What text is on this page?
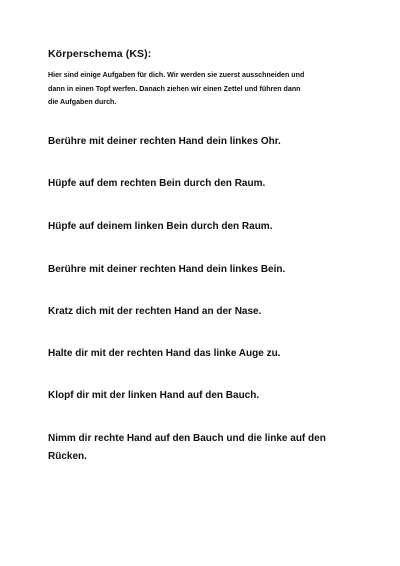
Körperschema (KS):
Hier sind einige Aufgaben für dich. Wir werden sie zuerst ausschneiden und
dann in einen Topf werfen. Danach ziehen wir einen Zettel und führen dann
die Aufgaben durch.
Berühre mit deiner rechten Hand dein linkes Ohr.
Hüpfe auf dem rechten Bein durch den Raum.
Hüpfe auf deinem linken Bein durch den Raum.
Berühre mit deiner rechten Hand dein linkes Bein.
Kratz dich mit der rechten Hand an der Nase.
Halte dir mit der rechten Hand das linke Auge zu.
Klopf dir mit der linken Hand auf den Bauch.
Nimm dir rechte Hand auf den Bauch und die linke auf den
Rücken.
